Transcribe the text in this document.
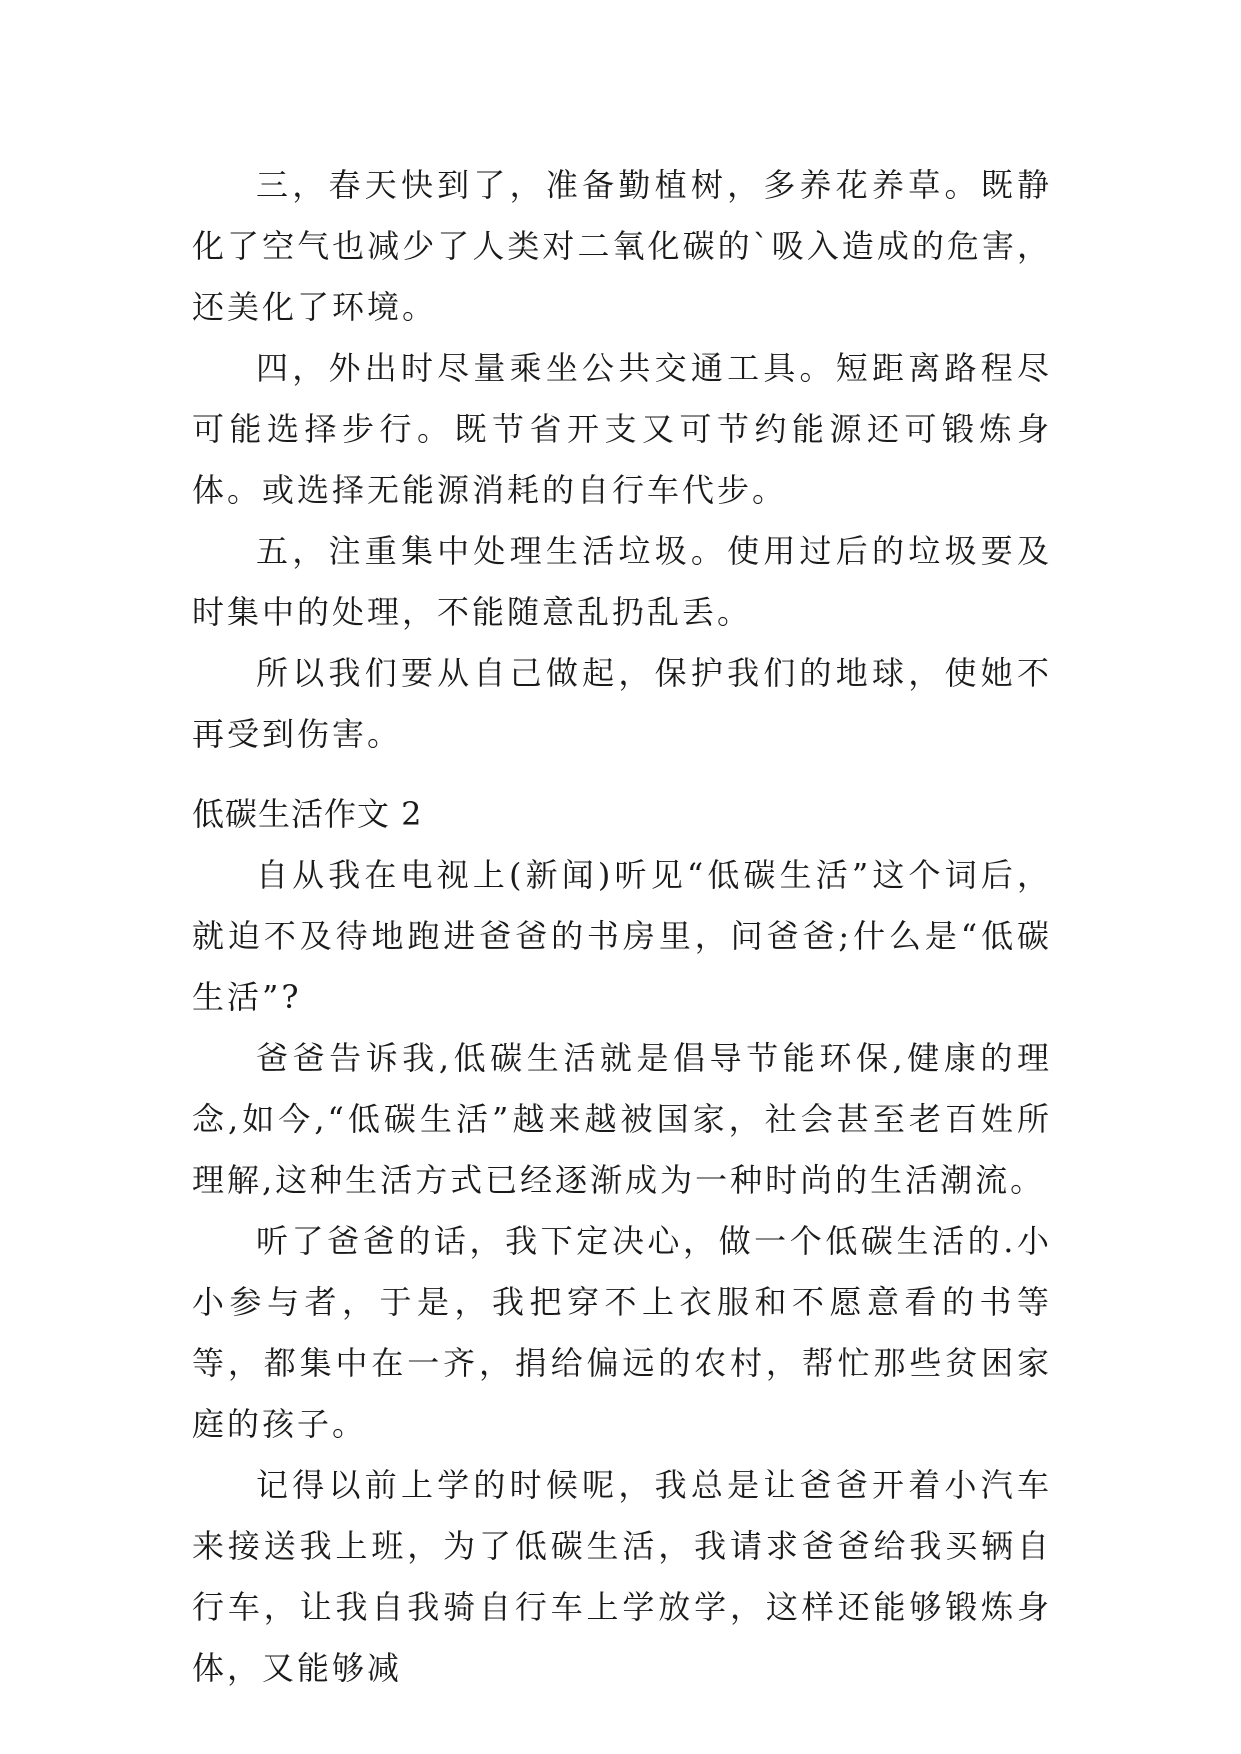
三，春天快到了，准备勤植树，多养花养草。既静化了空气也减少了人类对二氧化碳的`吸入造成的危害，还美化了环境。

四，外出时尽量乘坐公共交通工具。短距离路程尽可能选择步行。既节省开支又可节约能源还可锻炼身体。或选择无能源消耗的自行车代步。

五，注重集中处理生活垃圾。使用过后的垃圾要及时集中的处理，不能随意乱扔乱丢。

所以我们要从自己做起，保护我们的地球，使她不再受到伤害。

低碳生活作文 2

自从我在电视上(新闻)听见“低碳生活”这个词后，就迫不及待地跑进爸爸的书房里，问爸爸;什么是“低碳生活”?

爸爸告诉我,低碳生活就是倡导节能环保,健康的理念,如今,“低碳生活”越来越被国家，社会甚至老百姓所理解,这种生活方式已经逐渐成为一种时尚的生活潮流。

听了爸爸的话，我下定决心，做一个低碳生活的.小小参与者，于是，我把穿不上衣服和不愿意看的书等等，都集中在一齐，捐给偏远的农村，帮忙那些贫困家庭的孩子。

记得以前上学的时候呢，我总是让爸爸开着小汽车来接送我上班，为了低碳生活，我请求爸爸给我买辆自行车，让我自我骑自行车上学放学，这样还能够锻炼身体，又能够减
